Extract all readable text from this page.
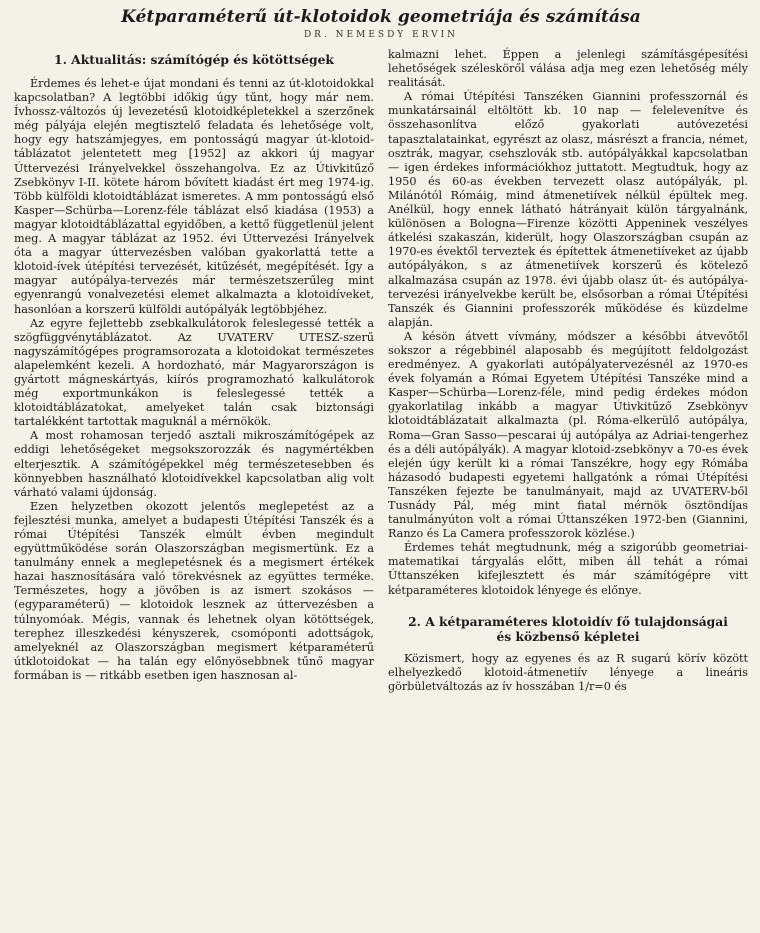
Kétparaméterű út-klotoidok geometriája és számítása
DR. NEMESDY ERVIN
1. Aktualitás: számítógép és kötöttségek

Érdemes és lehet-e újat mondani és tenni az út-klotoidokkal kapcsolatban? A legtöbbi időkig úgy tűnt, hogy már nem. Ívhossz-változós új levezetésű klotoidképletekkel a szerzőnek még pályája elején megtisztelő feladata és lehetősége volt, hogy egy hatszámjegyes, em pontosságú magyar út-klotoid-táblázatot jelentetett meg [1952] az akkori új magyar Úttervezési Irányelvekkel összehangolva. Ez az Útivkitűző Zsebkönyv I-II. kötete három bővített kiadást ért meg 1974-ig. Több külföldi klotoidtáblázat ismeretes. A mm pontosságú első Kasper—Schürba—Lorenz-féle táblázat első kiadása (1953) a magyar klotoidtáblázattal egyidőben, a kettő függetlenül jelent meg. A magyar táblázat az 1952. évi Úttervezési Irányelvek óta a magyar úttervezésben valóban gyakorlattá tette a klotoid-ívek útépítési tervezését, kitűzését, megépítését. Így a magyar autópálya-tervezés már természetszerűleg mint egyenrangú vonalvezetési elemet alkalmazta a klotoidíveket, hasonlóan a korszerű külföldi autópályák legtöbbjéhez.

Az egyre fejlettebb zsebkalkulátorok feleslegessé tették a szögfüggvénytáblázatot. Az UVATERV UTESZ-szerű nagyszámítógépes programsorozata a klotoidokat természetes alapelemként kezeli. A hordozható, már Magyarországon is gyártott mágneskártyás, kiírós programozható kalkulátorok még exportmunkákon is feleslegessé tették a klotoidtáblázatokat, amelyeket talán csak biztonsági tartalékként tartottak maguknál a mérnökök.

A most rohamosan terjedő asztali mikroszámítógépek az eddigi lehetőségeket megsokszorozzák és nagymértékben elterjesztik. A számítógépekkel még természetesebben és könnyebben használható klotoidívekkel kapcsolatban alig volt várható valami újdonság.

Ezen helyzetben okozott jelentős meglepetést az a fejlesztési munka, amelyet a budapesti Útépítési Tanszék és a római Útépítési Tanszék elmúlt évben megindult együttműködése során Olaszországban megismertünk. Ez a tanulmány ennek a meglepetésnek és a megismert értékek hazai hasznosítására való törekvésnek az együttes terméke. Természetes, hogy a jövőben is az ismert szokásos — (egyparaméterű) — klotoidok lesznek az úttervezésben a túlnyomóak. Mégis, vannak és lehetnek olyan kötöttségek, terephez illeszkedési kényszerek, csomóponti adottságok, amelyeknél az Olaszországban megismert kétparaméterű útklotoidokat — ha talán egy előnyösebbnek tűnő magyar formában is — ritkább esetben igen hasznosan al-

kalmazni lehet. Éppen a jelenlegi számításgépesítési lehetőségek szélesköről válása adja meg ezen lehetőség mély realitását.

A római Útépítési Tanszéken Giannini professzornál és munkatársainál eltöltött kb. 10 nap — felelevenítve és összehasonlítva előző gyakorlati autóvezetési tapasztalatainkat, egyrészt az olasz, másrészt a francia, német, osztrák, magyar, csehszlovák stb. autópályákkal kapcsolatban — igen érdekes információkhoz juttatott. Megtudtuk, hogy az 1950 és 60-as években tervezett olasz autópályák, pl. Milánótól Rómáig, mind átmenetiívek nélkül épültek meg. Anélkül, hogy ennek látható hátrányait külön tárgyalnánk, különösen a Bologna—Firenze közötti Appeninek veszélyes átkelési szakaszán, kiderült, hogy Olaszországban csupán az 1970-es évektől terveztek és építettek átmenetiíveket az újabb autópályákon, s az átmenetiívek korszerű és kötelező alkalmazása csupán az 1978. évi újabb olasz út- és autópálya-tervezési irányelvekbe került be, elsősorban a római Útépítési Tanszék és Giannini professzorék működése és küzdelme alapján.

A késön átvett vívmány, módszer a későbbi átvevőtől sokszor a régebbinél alaposabb és megújított feldolgozást eredményez. A gyakorlati autópályatervezésnél az 1970-es évek folyamán a Római Egyetem Útépítési Tanszéke mind a Kasper—Schürba—Lorenz-féle, mind pedig érdekes módon gyakorlatilag inkább a magyar Útivkitűző Zsebkönyv klotoidtáblázatait alkalmazta (pl. Róma-elkerülő autópálya, Roma—Gran Sasso—pescarai új autópálya az Adriai-tengerhez és a déli autópályák). A magyar klotoid-zsebkönyv a 70-es évek elején úgy került ki a római Tanszékre, hogy egy Rómába házasodó budapesti egyetemi hallgatónk a római Útépítési Tanszéken fejezte be tanulmányait, majd az UVATERV-ből Tusnády Pál, még mint fiatal mérnök ösztöndíjas tanulmányúton volt a római Úttanszéken 1972-ben (Giannini, Ranzo és La Camera professzorok közlése.)

Érdemes tehát megtudnunk, még a szigorúbb geometriai-matematikai tárgyalás előtt, miben áll tehát a római Úttanszéken kifejlesztett és már számítógépre vitt kétparaméteres klotoidok lényege és előnye.

2. A kétparaméteres klotoidív fő tulajdonságai
és közbenső képletei

Közismert, hogy az egyenes és az R sugarú körív között elhelyezkedő klotoid-átmenetiív lényege a lineáris görbületváltozás az ív hosszában 1/r=0 és
